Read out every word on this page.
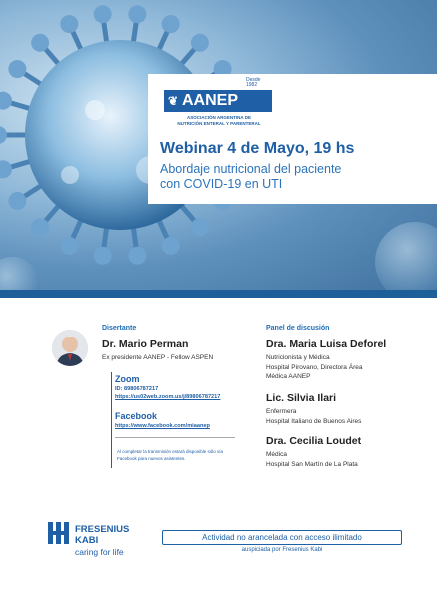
Desde
1982
❦ AANEP
ASOCIACIÓN ARGENTINA DE
NUTRICIÓN ENTERAL Y PARENTERAL
Webinar 4 de Mayo, 19 hs
Abordaje nutricional del paciente
con COVID-19 en UTI
Disertante
Dr. Mario Perman
Ex presidente AANEP - Fellow ASPEN
Zoom
ID: 89806787217
https://us02web.zoom.us/j/89806787217
Facebook
https://www.facebook.com/miaanep
Al completar la transmisión estará disponible sólo vía
Facebook para nuevos asistentes.
Panel de discusión
Dra. Maria Luisa Deforel
Nutricionista y Médica
Hospital Pirovano, Directora Área
Médica AANEP
Lic. Silvia Ilari
Enfermera
Hospital Italiano de Buenos Aires
Dra. Cecilia Loudet
Médica
Hospital San Martín de La Plata
FRESENIUS
KABI
caring for life
Actividad no arancelada con acceso ilimitado
auspiciada por Fresenius Kabi
